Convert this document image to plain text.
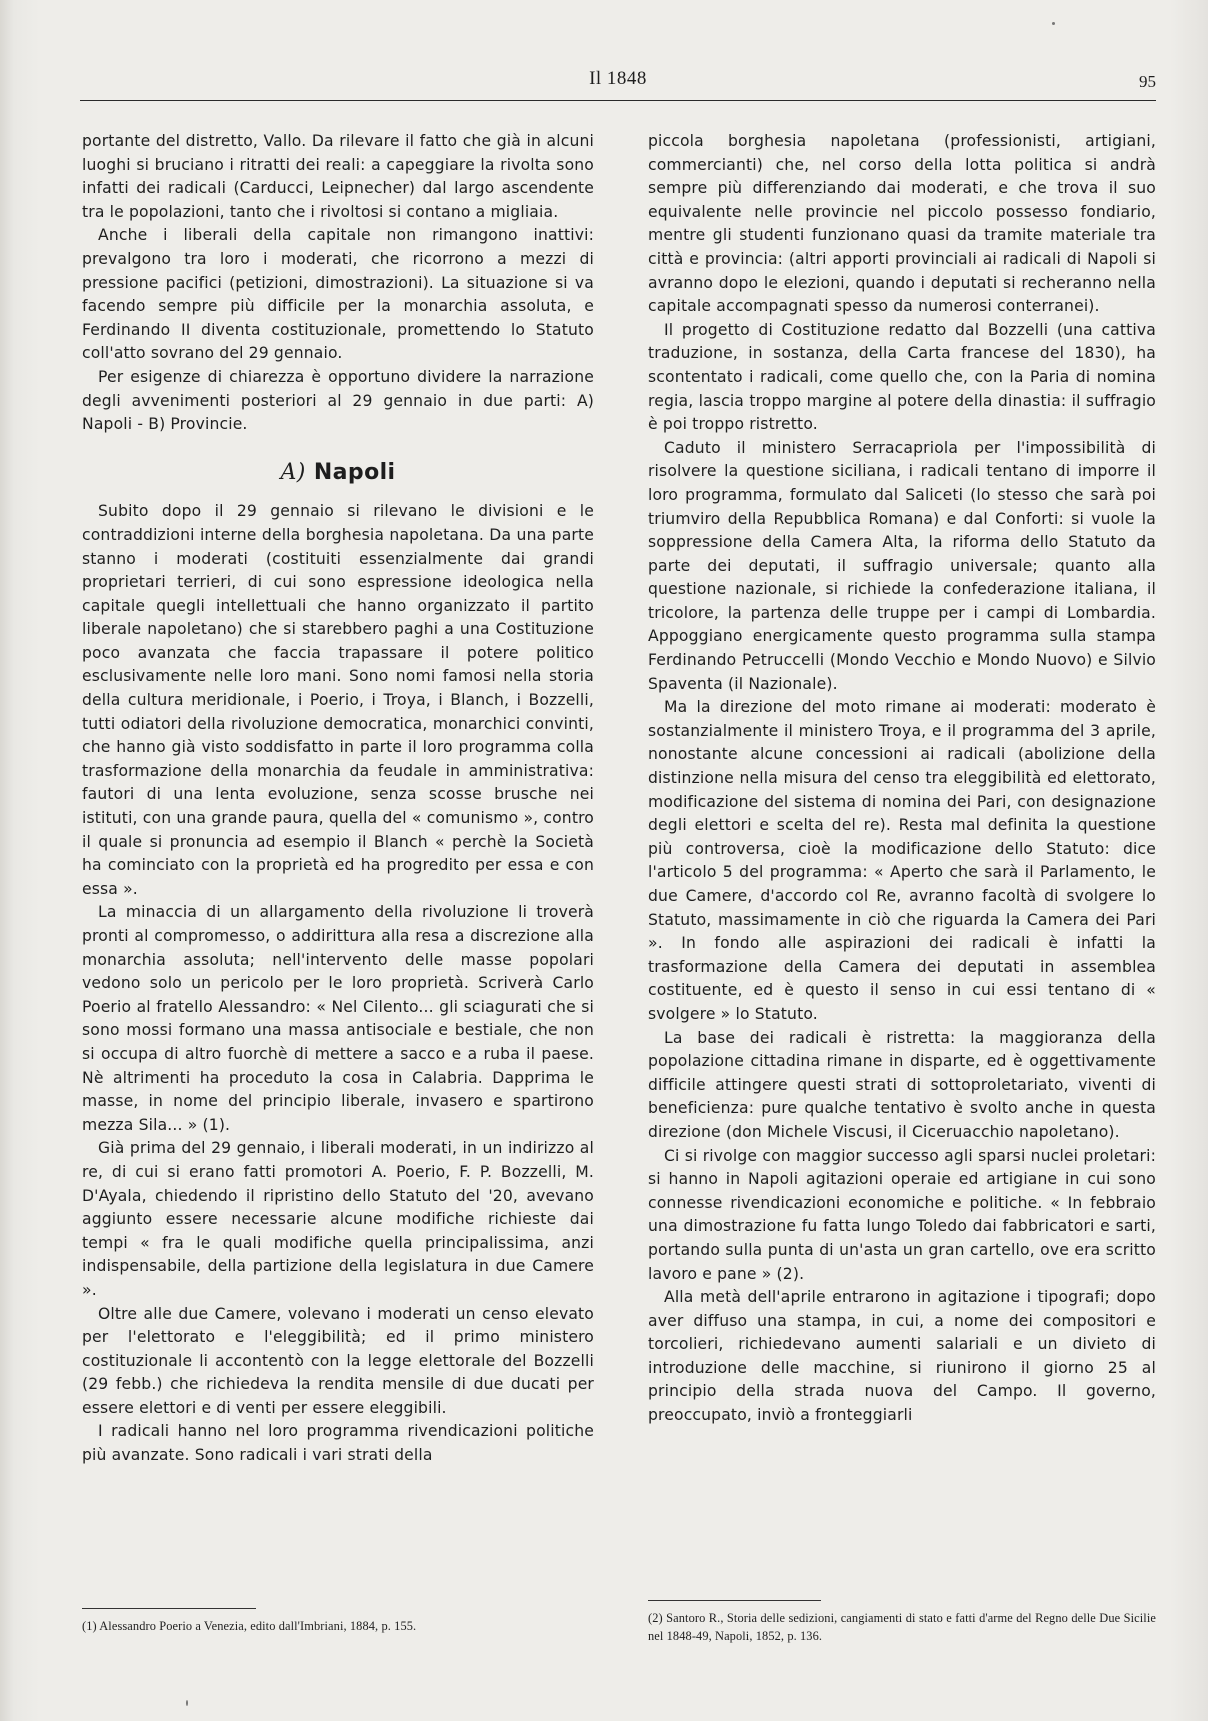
Il 1848	95

portante del distretto, Vallo. Da rilevare il fatto che già in alcuni luoghi si bruciano i ritratti dei reali: a capeggiare la rivolta sono infatti dei radicali (Carducci, Leipnecher) dal largo ascendente tra le popolazioni, tanto che i rivoltosi si contano a migliaia.

Anche i liberali della capitale non rimangono inattivi: prevalgono tra loro i moderati, che ricorrono a mezzi di pressione pacifici (petizioni, dimostrazioni). La situazione si va facendo sempre più difficile per la monarchia assoluta, e Ferdinando II diventa costituzionale, promettendo lo Statuto coll'atto sovrano del 29 gennaio.

Per esigenze di chiarezza è opportuno dividere la narrazione degli avvenimenti posteriori al 29 gennaio in due parti: A) Napoli - B) Provincie.

A) Napoli

Subito dopo il 29 gennaio si rilevano le divisioni e le contraddizioni interne della borghesia napoletana. Da una parte stanno i moderati (costituiti essenzialmente dai grandi proprietari terrieri, di cui sono espressione ideologica nella capitale quegli intellettuali che hanno organizzato il partito liberale napoletano) che si starebbero paghi a una Costituzione poco avanzata che faccia trapassare il potere politico esclusivamente nelle loro mani. Sono nomi famosi nella storia della cultura meridionale, i Poerio, i Troya, i Blanch, i Bozzelli, tutti odiatori della rivoluzione democratica, monarchici convinti, che hanno già visto soddisfatto in parte il loro programma colla trasformazione della monarchia da feudale in amministrativa: fautori di una lenta evoluzione, senza scosse brusche nei istituti, con una grande paura, quella del « comunismo », contro il quale si pronuncia ad esempio il Blanch « perchè la Società ha cominciato con la proprietà ed ha progredito per essa e con essa ».

La minaccia di un allargamento della rivoluzione li troverà pronti al compromesso, o addirittura alla resa a discrezione alla monarchia assoluta; nell'intervento delle masse popolari vedono solo un pericolo per le loro proprietà. Scriverà Carlo Poerio al fratello Alessandro: « Nel Cilento... gli sciagurati che si sono mossi formano una massa antisociale e bestiale, che non si occupa di altro fuorchè di mettere a sacco e a ruba il paese. Nè altrimenti ha proceduto la cosa in Calabria. Dapprima le masse, in nome del principio liberale, invasero e spartirono mezza Sila... » (1).

Già prima del 29 gennaio, i liberali moderati, in un indirizzo al re, di cui si erano fatti promotori A. Poerio, F. P. Bozzelli, M. D'Ayala, chiedendo il ripristino dello Statuto del '20, avevano aggiunto essere necessarie alcune modifiche richieste dai tempi « fra le quali modifiche quella principalissima, anzi indispensabile, della partizione della legislatura in due Camere ».

Oltre alle due Camere, volevano i moderati un censo elevato per l'elettorato e l'eleggibilità; ed il primo ministero costituzionale li accontentò con la legge elettorale del Bozzelli (29 febb.) che richiedeva la rendita mensile di due ducati per essere elettori e di venti per essere eleggibili.

I radicali hanno nel loro programma rivendicazioni politiche più avanzate. Sono radicali i vari strati della

piccola borghesia napoletana (professionisti, artigiani, commercianti) che, nel corso della lotta politica si andrà sempre più differenziando dai moderati, e che trova il suo equivalente nelle provincie nel piccolo possesso fondiario, mentre gli studenti funzionano quasi da tramite materiale tra città e provincia: (altri apporti provinciali ai radicali di Napoli si avranno dopo le elezioni, quando i deputati si recheranno nella capitale accompagnati spesso da numerosi conterranei).

Il progetto di Costituzione redatto dal Bozzelli (una cattiva traduzione, in sostanza, della Carta francese del 1830), ha scontentato i radicali, come quello che, con la Paria di nomina regia, lascia troppo margine al potere della dinastia: il suffragio è poi troppo ristretto.

Caduto il ministero Serracapriola per l'impossibilità di risolvere la questione siciliana, i radicali tentano di imporre il loro programma, formulato dal Saliceti (lo stesso che sarà poi triumviro della Repubblica Romana) e dal Conforti: si vuole la soppressione della Camera Alta, la riforma dello Statuto da parte dei deputati, il suffragio universale; quanto alla questione nazionale, si richiede la confederazione italiana, il tricolore, la partenza delle truppe per i campi di Lombardia. Appoggiano energicamente questo programma sulla stampa Ferdinando Petruccelli (Mondo Vecchio e Mondo Nuovo) e Silvio Spaventa (il Nazionale).

Ma la direzione del moto rimane ai moderati: moderato è sostanzialmente il ministero Troya, e il programma del 3 aprile, nonostante alcune concessioni ai radicali (abolizione della distinzione nella misura del censo tra eleggibilità ed elettorato, modificazione del sistema di nomina dei Pari, con designazione degli elettori e scelta del re). Resta mal definita la questione più controversa, cioè la modificazione dello Statuto: dice l'articolo 5 del programma: « Aperto che sarà il Parlamento, le due Camere, d'accordo col Re, avranno facoltà di svolgere lo Statuto, massimamente in ciò che riguarda la Camera dei Pari ». In fondo alle aspirazioni dei radicali è infatti la trasformazione della Camera dei deputati in assemblea costituente, ed è questo il senso in cui essi tentano di « svolgere » lo Statuto.

La base dei radicali è ristretta: la maggioranza della popolazione cittadina rimane in disparte, ed è oggettivamente difficile attingere questi strati di sottoproletariato, viventi di beneficienza: pure qualche tentativo è svolto anche in questa direzione (don Michele Viscusi, il Ciceruacchio napoletano).

Ci si rivolge con maggior successo agli sparsi nuclei proletari: si hanno in Napoli agitazioni operaie ed artigiane in cui sono connesse rivendicazioni economiche e politiche. « In febbraio una dimostrazione fu fatta lungo Toledo dai fabbricatori e sarti, portando sulla punta di un'asta un gran cartello, ove era scritto lavoro e pane » (2).

Alla metà dell'aprile entrarono in agitazione i tipografi; dopo aver diffuso una stampa, in cui, a nome dei compositori e torcolieri, richiedevano aumenti salariali e un divieto di introduzione delle macchine, si riunirono il giorno 25 al principio della strada nuova del Campo. Il governo, preoccupato, inviò a fronteggiarli

(1) Alessandro Poerio a Venezia, edito dall'Imbriani, 1884, p. 155.
(2) Santoro R., Storia delle sedizioni, cangiamenti di stato e fatti d'arme del Regno delle Due Sicilie nel 1848-49, Napoli, 1852, p. 136.
